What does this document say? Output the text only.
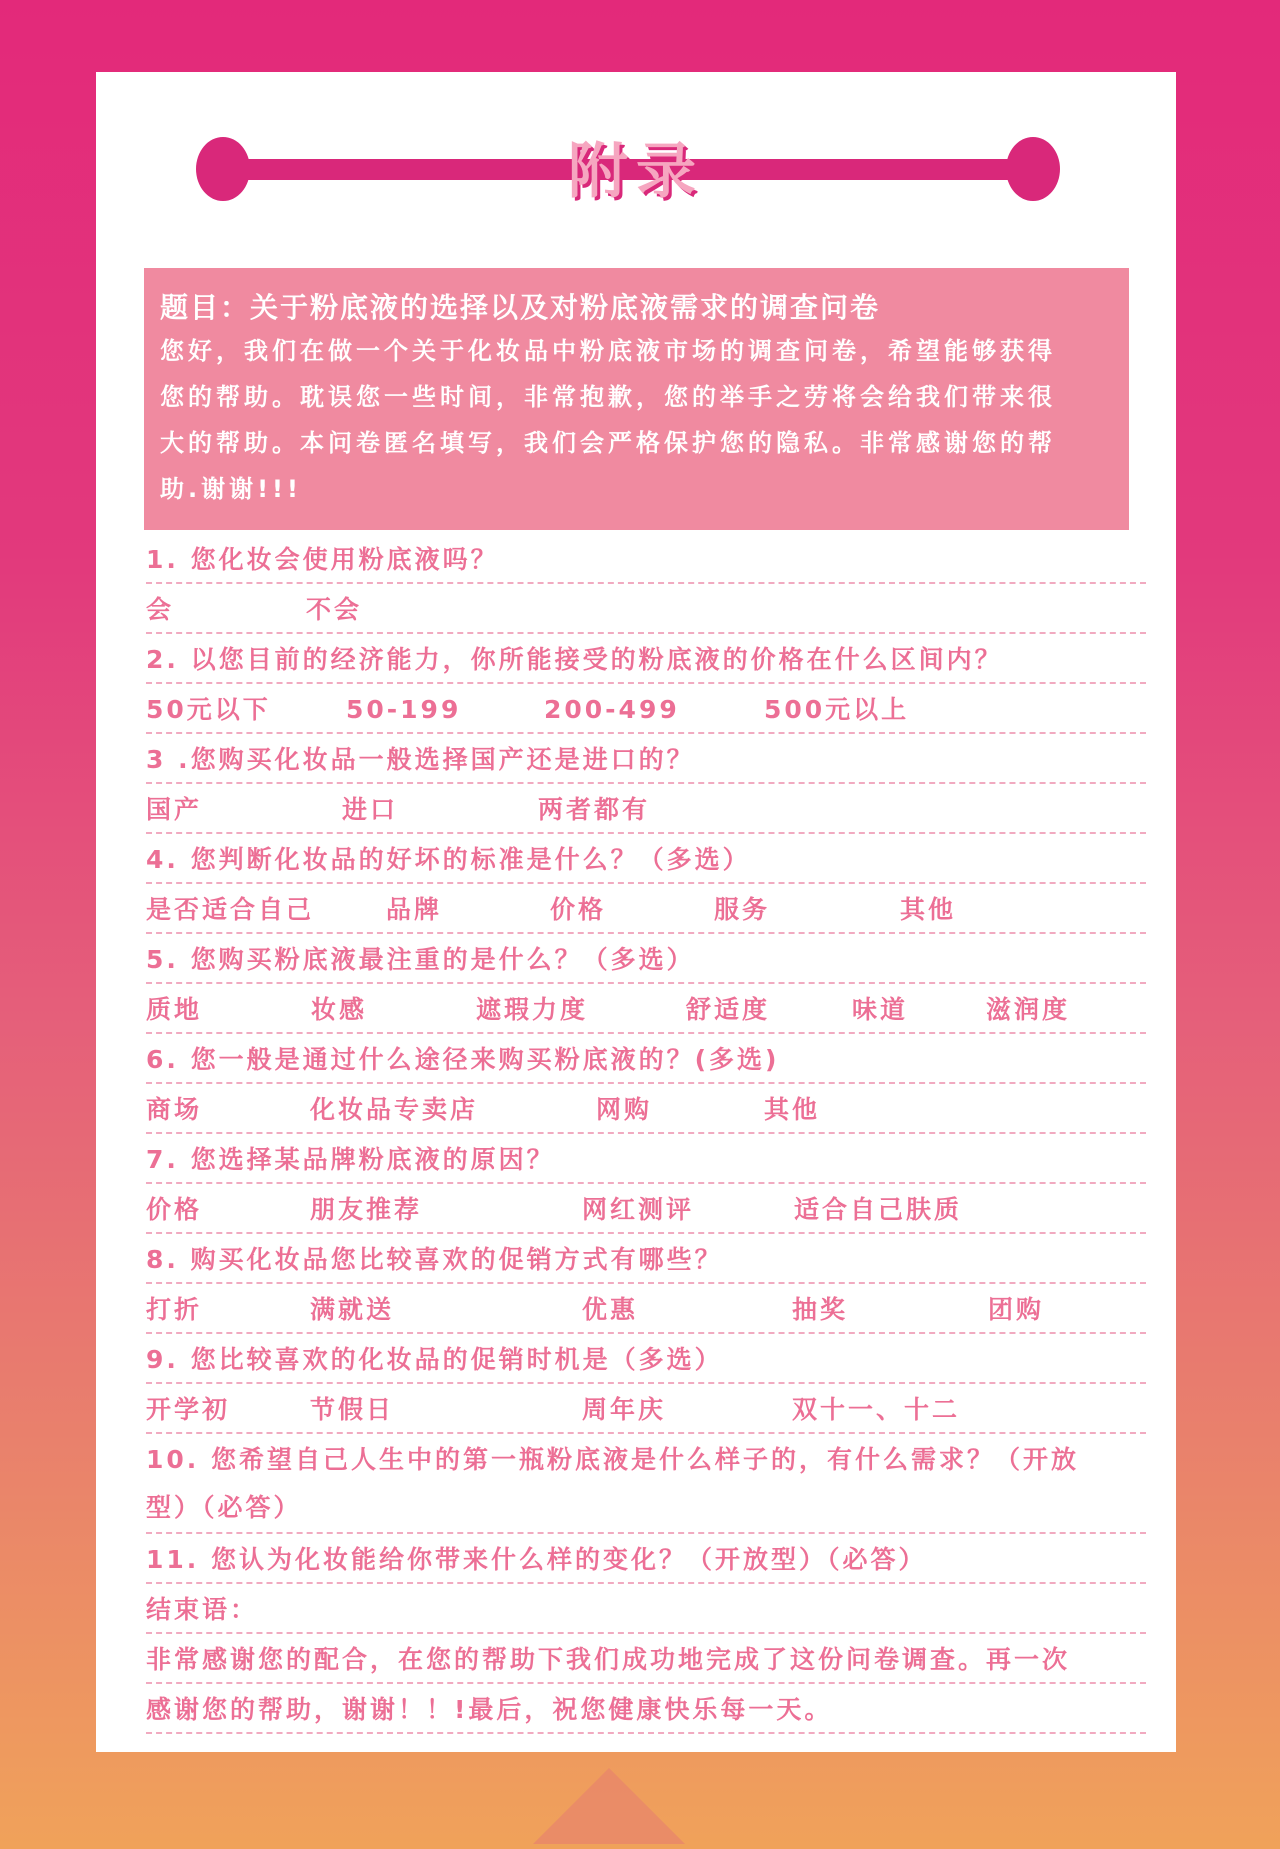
附录
题目：关于粉底液的选择以及对粉底液需求的调查问卷
您好，我们在做一个关于化妆品中粉底液市场的调查问卷，希望能够获得
您的帮助。耽误您一些时间，非常抱歉，您的举手之劳将会给我们带来很
大的帮助。本问卷匿名填写，我们会严格保护您的隐私。非常感谢您的帮
助.谢谢!!!
1. 您化妆会使用粉底液吗？
会	不会
2. 以您目前的经济能力，你所能接受的粉底液的价格在什么区间内？
50元以下	50-199	200-499	500元以上
3 .您购买化妆品一般选择国产还是进口的？
国产	进口	两者都有
4. 您判断化妆品的好坏的标准是什么？（多选）
是否适合自己	品牌	价格	服务	其他
5. 您购买粉底液最注重的是什么？（多选）
质地	妆感	遮瑕力度	舒适度	味道	滋润度
6. 您一般是通过什么途径来购买粉底液的？(多选)
商场	化妆品专卖店	网购	其他
7. 您选择某品牌粉底液的原因？
价格	朋友推荐	网红测评	适合自己肤质
8. 购买化妆品您比较喜欢的促销方式有哪些？
打折	满就送	优惠	抽奖	团购
9. 您比较喜欢的化妆品的促销时机是（多选）
开学初	节假日	周年庆	双十一、十二
10. 您希望自己人生中的第一瓶粉底液是什么样子的，有什么需求？（开放
型）（必答）
11. 您认为化妆能给你带来什么样的变化？（开放型）（必答）
结束语：
非常感谢您的配合，在您的帮助下我们成功地完成了这份问卷调查。再一次
感谢您的帮助，谢谢！！!最后，祝您健康快乐每一天。
